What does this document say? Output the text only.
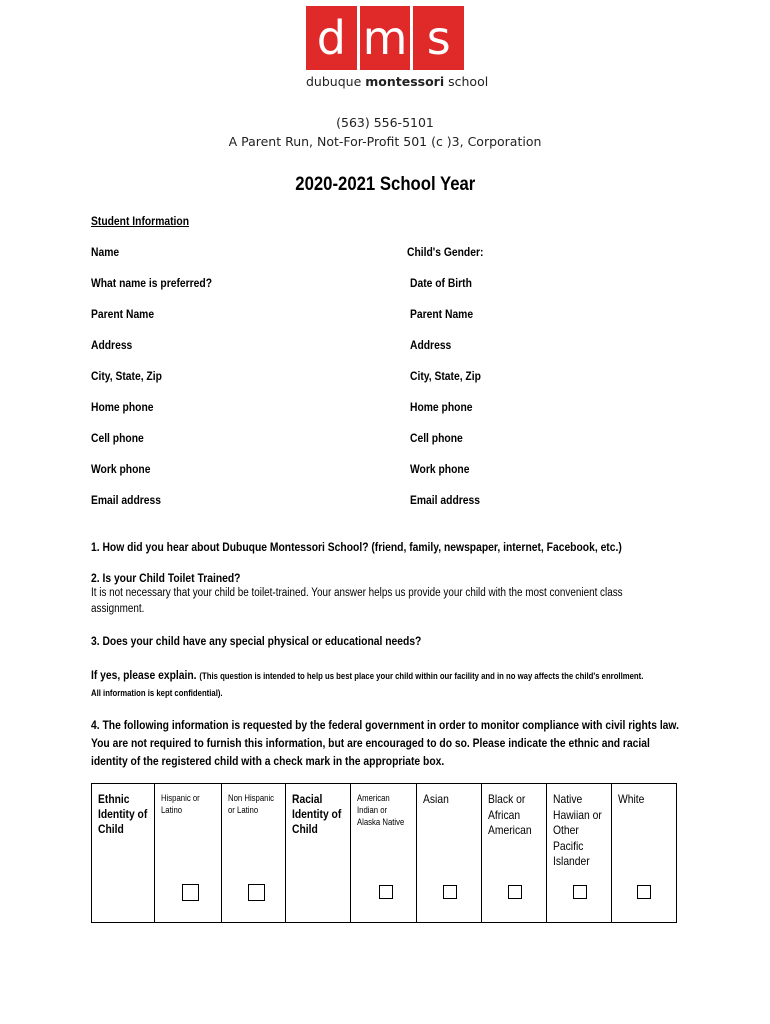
d m s
dubuque montessori school
(563) 556-5101
A Parent Run, Not-For-Profit 501 (c )3, Corporation
2020-2021 School Year
Student Information
Name
What name is preferred?
Parent Name
Address
City, State, Zip
Home phone
Cell phone
Work phone
Email address
Child's Gender:
Date of Birth
Parent Name
Address
City, State, Zip
Home phone
Cell phone
Work phone
Email address
1. How did you hear about Dubuque Montessori School? (friend, family, newspaper, internet, Facebook, etc.)
2. Is your Child Toilet Trained?
It is not necessary that your child be toilet-trained. Your answer helps us provide your child with the most convenient class
assignment.
3. Does your child have any special physical or educational needs?
If yes, please explain. (This question is intended to help us best place your child within our facility and in no way affects the child's enrollment.
All information is kept confidential).
4. The following information is requested by the federal government in order to monitor compliance with civil rights law.
You are not required to furnish this information, but are encouraged to do so. Please indicate the ethnic and racial
identity of the registered child with a check mark in the appropriate box.
Ethnic Identity of Child
Hispanic or Latino
Non Hispanic or Latino
Racial Identity of Child
American Indian or Alaska Native
Asian	Black or African American
Native Hawiian or Other Pacific Islander
White
